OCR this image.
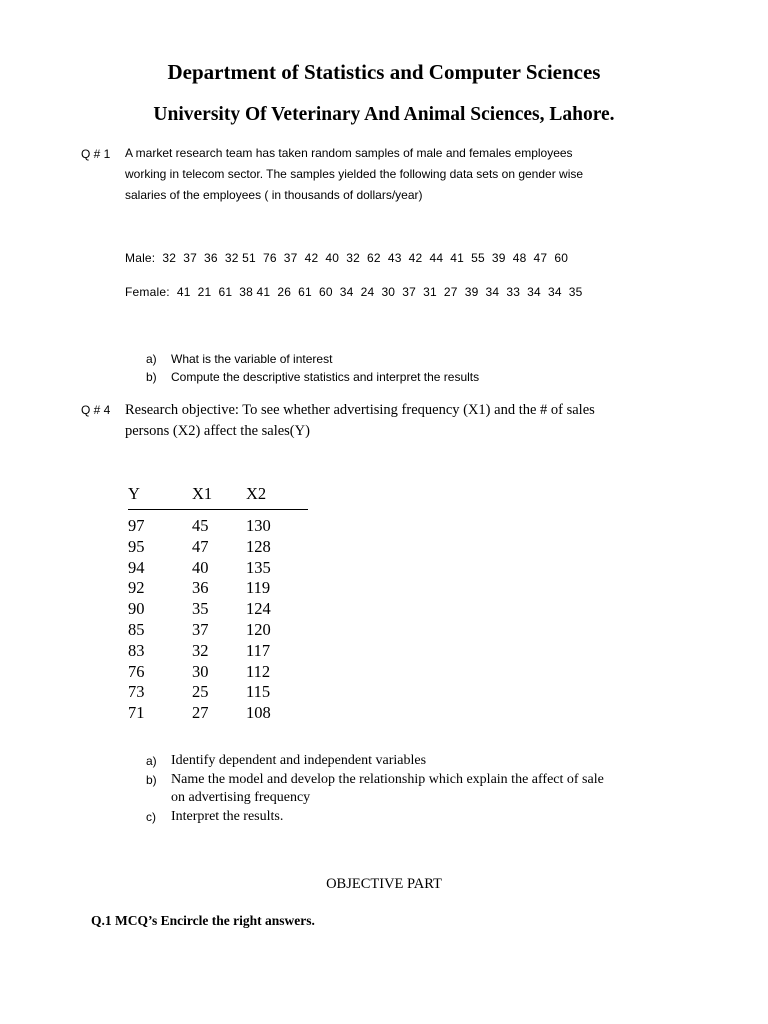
Department of Statistics and Computer Sciences
University Of Veterinary And Animal Sciences, Lahore.
Q # 1 A market research team has taken random samples of male and females employees
working in telecom sector. The samples yielded the following data sets on gender wise
salaries of the employees ( in thousands of dollars/year)
Male:  32  37  36  32 51  76  37  42  40  32  62  43  42  44  41  55  39  48  47  60
Female:  41  21  61  38 41  26  61  60  34  24  30  37  31  27  39  34  33  34  34  35
a)	What is the variable of interest
b)	Compute the descriptive statistics and interpret the results
Q # 4 Research objective: To see whether advertising frequency (X1) and the # of sales
persons (X2) affect the sales(Y)
Y	X1	X2
97	45	130
95	47	128
94	40	135
92	36	119
90	35	124
85	37	120
83	32	117
76	30	112
73	25	115
71	27	108
a)	Identify dependent and independent variables
b)	Name the model and develop the relationship which explain the affect of sale
on advertising frequency
c)	Interpret the results.
OBJECTIVE PART
Q.1 MCQ’s Encircle the right answers.
